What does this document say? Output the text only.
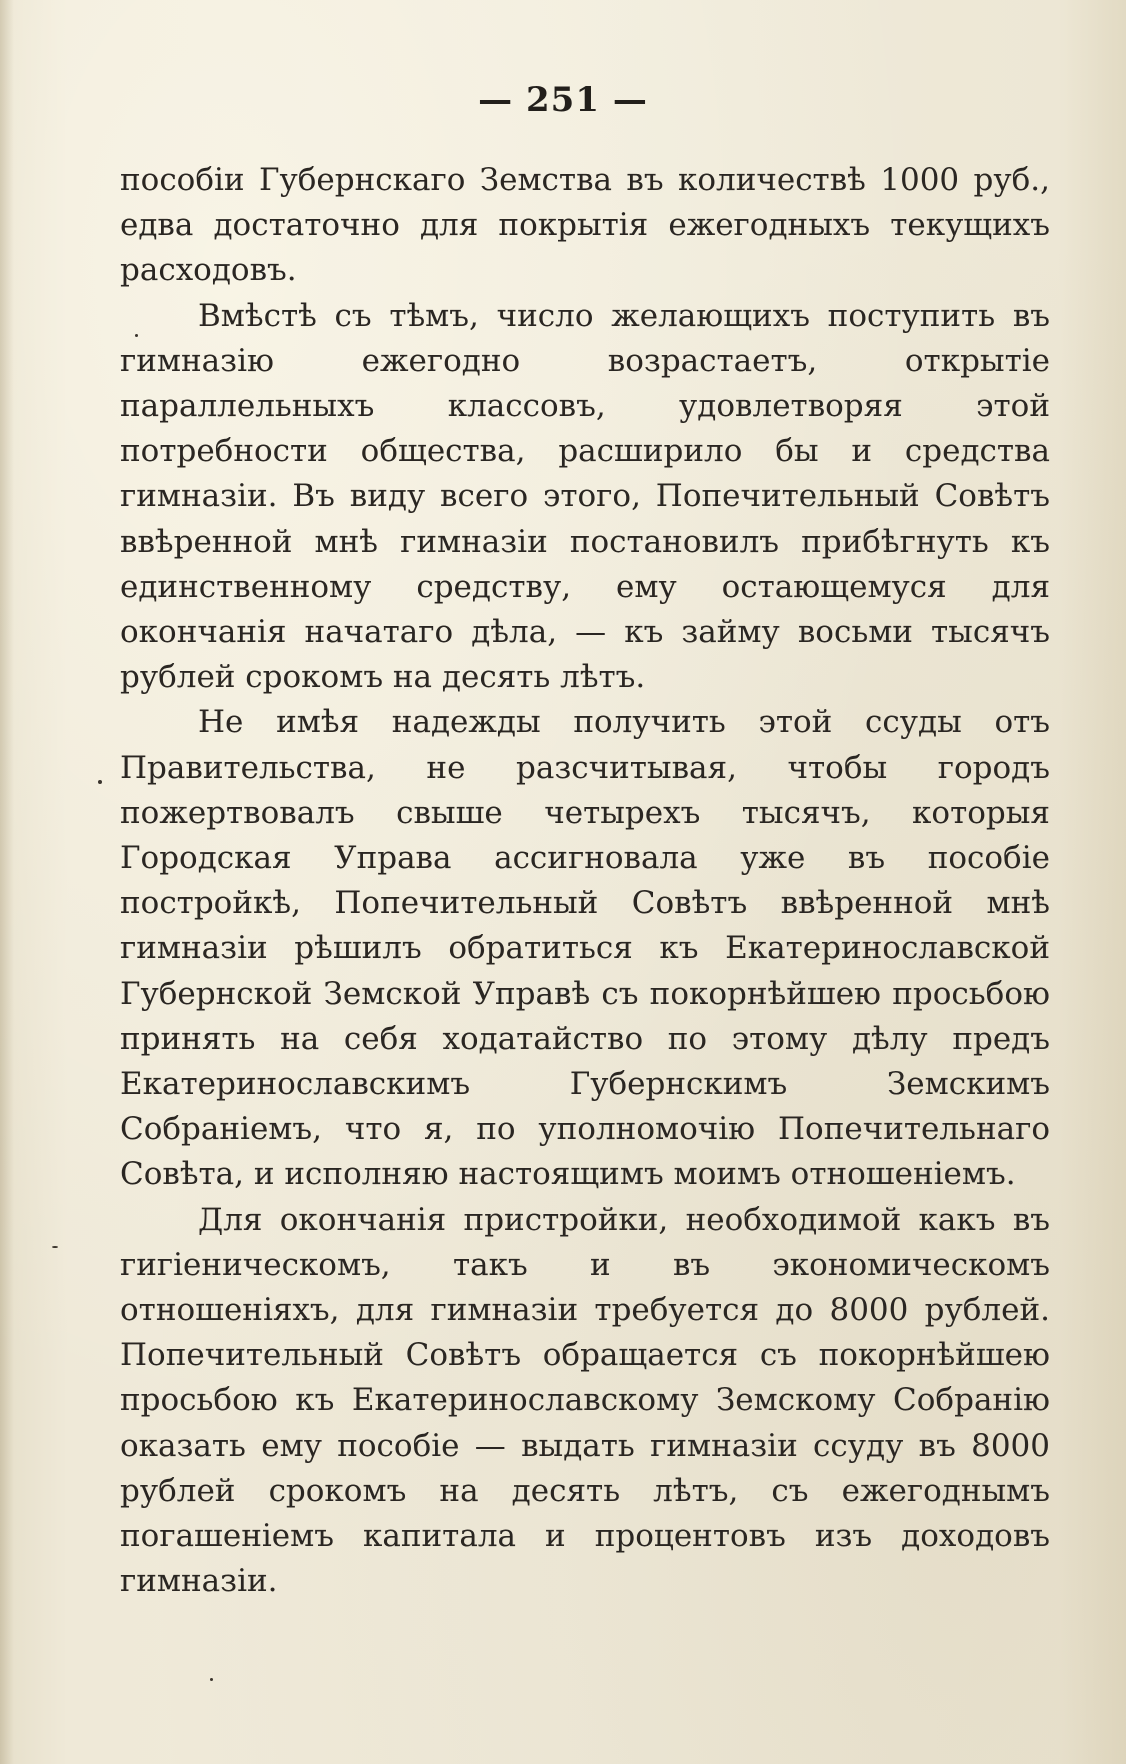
— 251 —

пособіи Губернскаго Земства въ количествѣ 1000 руб., едва достаточно для покрытія ежегодныхъ текущихъ расходовъ.

Вмѣстѣ съ тѣмъ, число желающихъ поступить въ гимназію ежегодно возрастаетъ, открытіе параллельныхъ классовъ, удовлетворяя этой потребности общества, расширило бы и средства гимназіи. Въ виду всего этого, Попечительный Совѣтъ ввѣренной мнѣ гимназіи постановилъ прибѣгнуть къ единственному средству, ему остающемуся для окончанія начатаго дѣла, — къ займу восьми тысячъ рублей срокомъ на десять лѣтъ.

Не имѣя надежды получить этой ссуды отъ Правительства, не разсчитывая, чтобы городъ пожертвовалъ свыше четырехъ тысячъ, которыя Городская Управа ассигновала уже въ пособіе постройкѣ, Попечительный Совѣтъ ввѣренной мнѣ гимназіи рѣшилъ обратиться къ Екатеринославской Губернской Земской Управѣ съ покорнѣйшею просьбою принять на себя ходатайство по этому дѣлу предъ Екатеринославскимъ Губернскимъ Земскимъ Собраніемъ, что я, по уполномочію Попечительнаго Совѣта, и исполняю настоящимъ моимъ отношеніемъ.

Для окончанія пристройки, необходимой какъ въ гигіеническомъ, такъ и въ экономическомъ отношеніяхъ, для гимназіи требуется до 8000 рублей. Попечительный Совѣтъ обращается съ покорнѣйшею просьбою къ Екатеринославскому Земскому Собранію оказать ему пособіе — выдать гимназіи ссуду въ 8000 рублей срокомъ на десять лѣтъ, съ ежегоднымъ погашеніемъ капитала и процентовъ изъ доходовъ гимназіи.
